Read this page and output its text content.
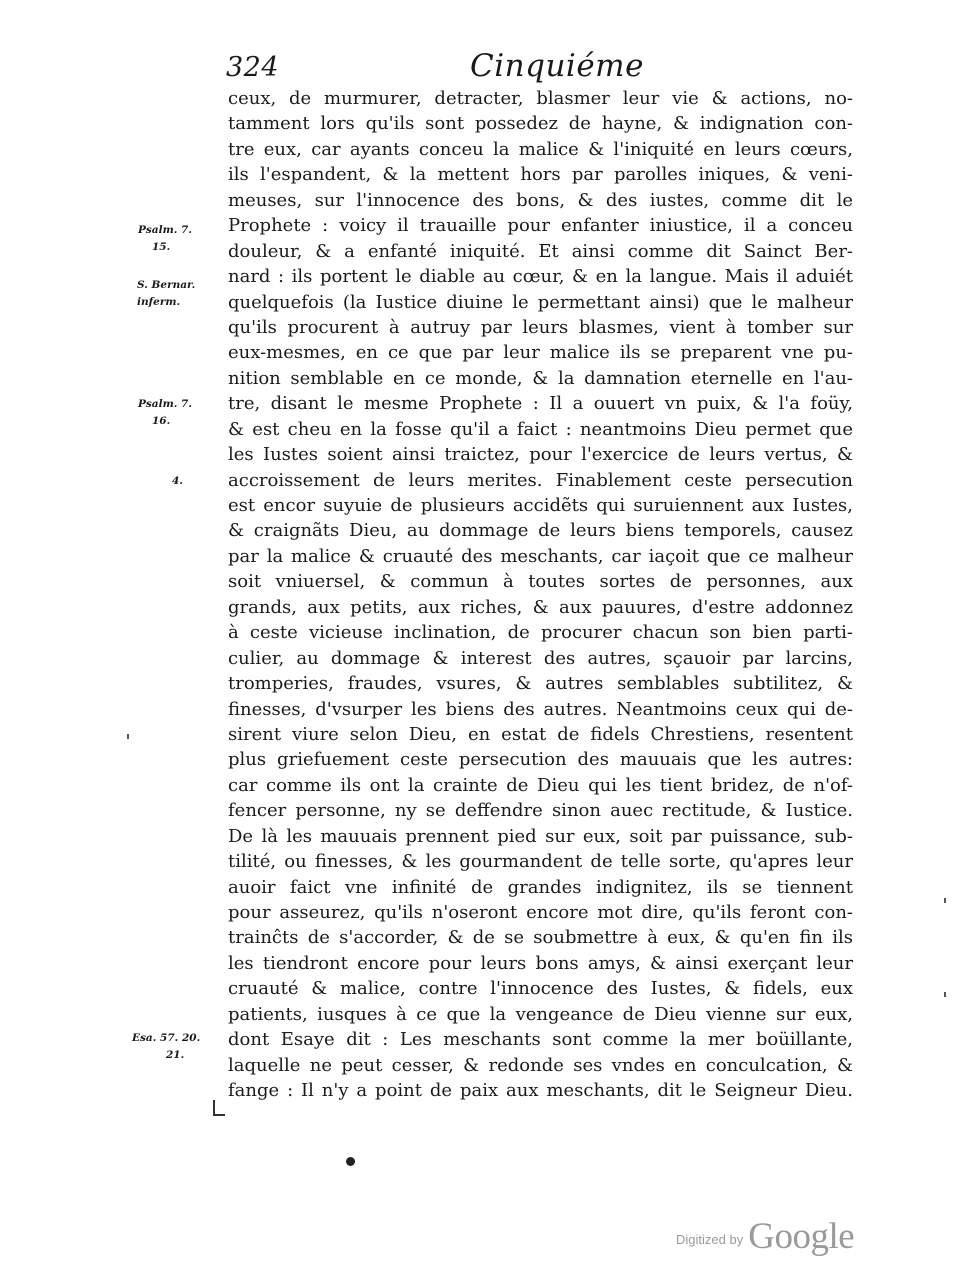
324	Cinquiéme
ceux, de murmurer, detracter, blasmer leur vie & actions, no-
tamment lors qu'ils sont possedez de hayne, & indignation con-
tre eux, car ayants conceu la malice & l'iniquité en leurs cœurs,
ils l'espandent, & la mettent hors par parolles iniques, & veni-
meuses, sur l'innocence des bons, & des iustes, comme dit le
Prophete : voicy il trauaille pour enfanter iniustice, il a conceu
douleur, & a enfanté iniquité. Et ainsi comme dit Sainct Ber-
nard : ils portent le diable au cœur, & en la langue. Mais il aduiét
quelquefois (la Iustice diuine le permettant ainsi) que le malheur
qu'ils procurent à autruy par leurs blasmes, vient à tomber sur
eux-mesmes, en ce que par leur malice ils se preparent vne pu-
nition semblable en ce monde, & la damnation eternelle en l'au-
tre, disant le mesme Prophete : Il a ouuert vn puix, & l'a foüy,
& est cheu en la fosse qu'il a faict : neantmoins Dieu permet que
les Iustes soient ainsi traictez, pour l'exercice de leurs vertus, &
accroissement de leurs merites. Finablement ceste persecution
est encor suyuie de plusieurs accidẽts qui suruiennent aux Iustes,
& craignãts Dieu, au dommage de leurs biens temporels, causez
par la malice & cruauté des meschants, car iaçoit que ce malheur
soit vniuersel, & commun à toutes sortes de personnes, aux
grands, aux petits, aux riches, & aux pauures, d'estre addonnez
à ceste vicieuse inclination, de procurer chacun son bien parti-
culier, au dommage & interest des autres, sçauoir par larcins,
tromperies, fraudes, vsures, & autres semblables subtilitez, &
finesses, d'vsurper les biens des autres. Neantmoins ceux qui de-
sirent viure selon Dieu, en estat de fidels Chrestiens, resentent
plus griefuement ceste persecution des mauuais que les autres:
car comme ils ont la crainte de Dieu qui les tient bridez, de n'of-
fencer personne, ny se deffendre sinon auec rectitude, & Iustice.
De là les mauuais prennent pied sur eux, soit par puissance, sub-
tilité, ou finesses, & les gourmandent de telle sorte, qu'apres leur
auoir faict vne infinité de grandes indignitez, ils se tiennent
pour asseurez, qu'ils n'oseront encore mot dire, qu'ils feront con-
trainĉts de s'accorder, & de se soubmettre à eux, & qu'en fin ils
les tiendront encore pour leurs bons amys, & ainsi exerçant leur
cruauté & malice, contre l'innocence des Iustes, & fidels, eux
patients, iusques à ce que la vengeance de Dieu vienne sur eux,
dont Esaye dit : Les meschants sont comme la mer boüillante,
laquelle ne peut cesser, & redonde ses vndes en conculcation, &
fange : Il n'y a point de paix aux meschants, dit le Seigneur Dieu.
Psalm. 7.
15.
S. Bernar.
inferm.
Psalm. 7.
16.
4.
Esa. 57. 20.
21.
$^{Digitized by}$ Google
